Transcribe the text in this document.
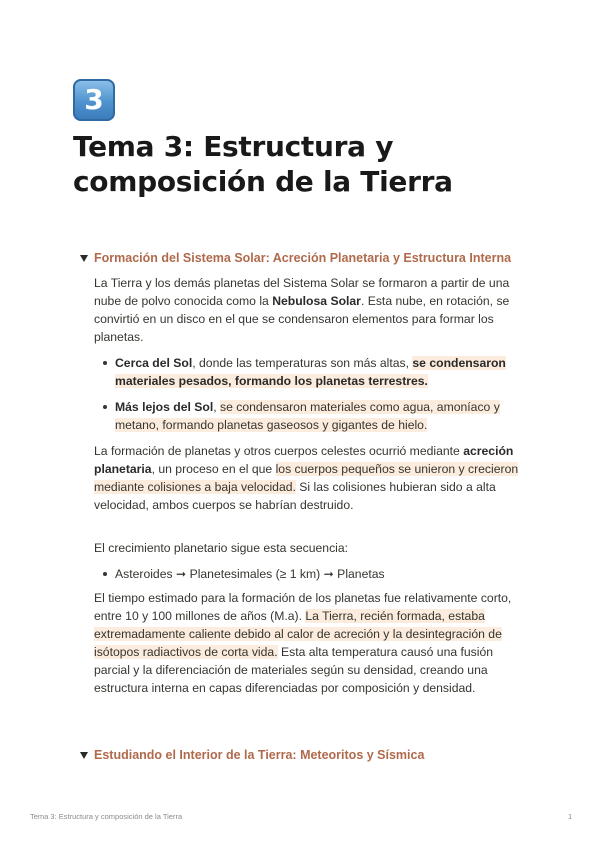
3
Tema 3: Estructura y composición de la Tierra
Formación del Sistema Solar: Acreción Planetaria y Estructura Interna

La Tierra y los demás planetas del Sistema Solar se formaron a partir de una nube de polvo conocida como la Nebulosa Solar. Esta nube, en rotación, se convirtió en un disco en el que se condensaron elementos para formar los planetas.

Cerca del Sol, donde las temperaturas son más altas, se condensaron materiales pesados, formando los planetas terrestres.
Más lejos del Sol, se condensaron materiales como agua, amoníaco y metano, formando planetas gaseosos y gigantes de hielo.

La formación de planetas y otros cuerpos celestes ocurrió mediante acreción planetaria, un proceso en el que los cuerpos pequeños se unieron y crecieron mediante colisiones a baja velocidad. Si las colisiones hubieran sido a alta velocidad, ambos cuerpos se habrían destruido.

El crecimiento planetario sigue esta secuencia:

Asteroides ➞ Planetesimales (≥ 1 km) ➞ Planetas

El tiempo estimado para la formación de los planetas fue relativamente corto, entre 10 y 100 millones de años (M.a). La Tierra, recién formada, estaba extremadamente caliente debido al calor de acreción y la desintegración de isótopos radiactivos de corta vida. Esta alta temperatura causó una fusión parcial y la diferenciación de materiales según su densidad, creando una estructura interna en capas diferenciadas por composición y densidad.

Estudiando el Interior de la Tierra: Meteoritos y Sísmica
Tema 3: Estructura y composición de la Tierra	1
